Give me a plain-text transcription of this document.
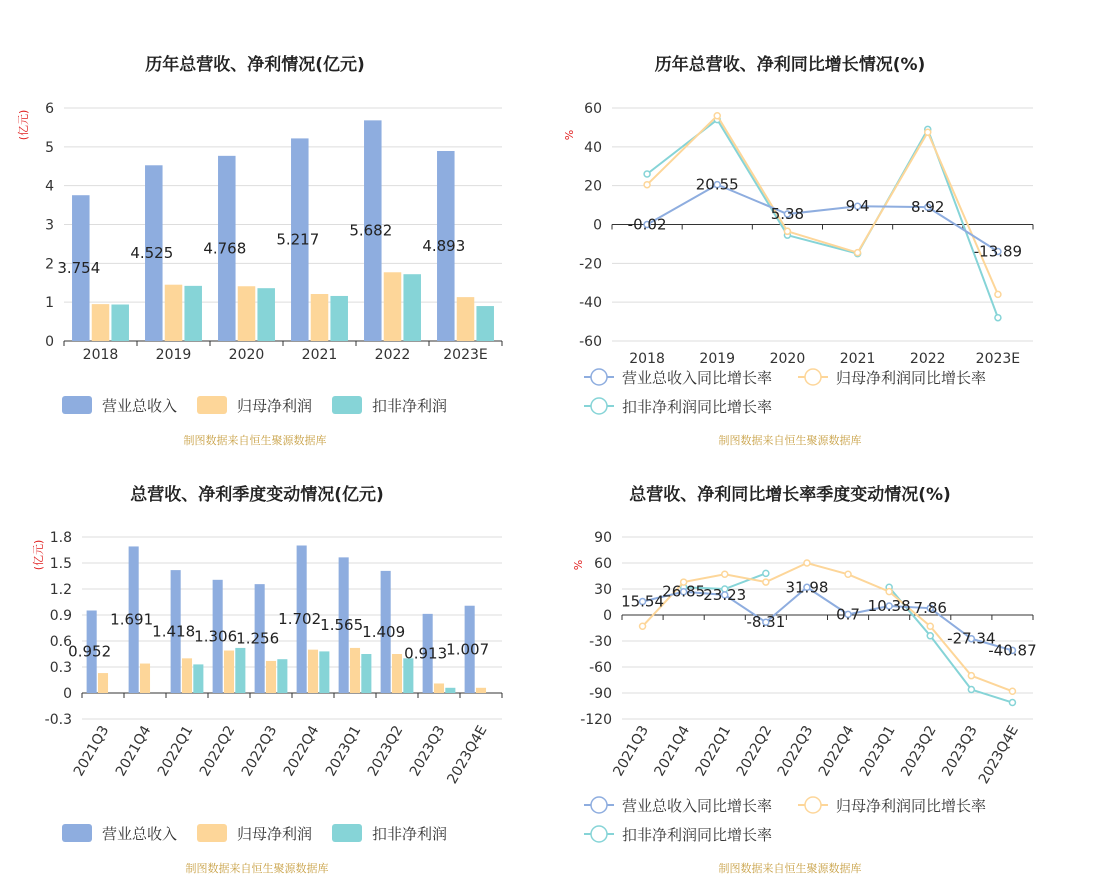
历年总营收、净利情况(亿元)
(亿元)
0
1
2
3
4
5
6
2018	2019	2020	2021	2022 2023E
3.754
4.525 4.768 5.217
5.682
4.893
营业总收入	归母净利润	扣非净利润
制图数据来自恒生聚源数据库
历年总营收、净利同比增长情况(%)
%
-60
-40
-20
0
20
40
60
2018 2019 2020 2021 2022 2023E
-0.02
20.55
5.38	9.4	8.92
-13.89
营业总收入同比增长率	归母净利润同比增长率
扣非净利润同比增长率
制图数据来自恒生聚源数据库
总营收、净利季度变动情况(亿元)
(亿元)
-0.3
0
0.3
0.6
0.9
1.2
1.5
1.8
2021Q3 2021Q4 2022Q1 2022Q2 2022Q3 2022Q4 2023Q1 2023Q2 2023Q3
2023Q4E
0.952
1.691
1.418 1.306 1.256
1.702 1.565 1.409
0.913 1.007
营业总收入	归母净利润	扣非净利润
制图数据来自恒生聚源数据库
总营收、净利同比增长率季度变动情况(%)
%
-120
-90
-60
-30
0
30
60
90
2021Q3 2021Q4 2022Q1 2022Q2 2022Q3 2022Q4 2023Q1 2023Q2 2023Q3
2023Q4E
15.54
26.85
23.23
-8.31
31.98
0.7 10.38 7.86
-27.34
-40.87
营业总收入同比增长率	归母净利润同比增长率
扣非净利润同比增长率
制图数据来自恒生聚源数据库
